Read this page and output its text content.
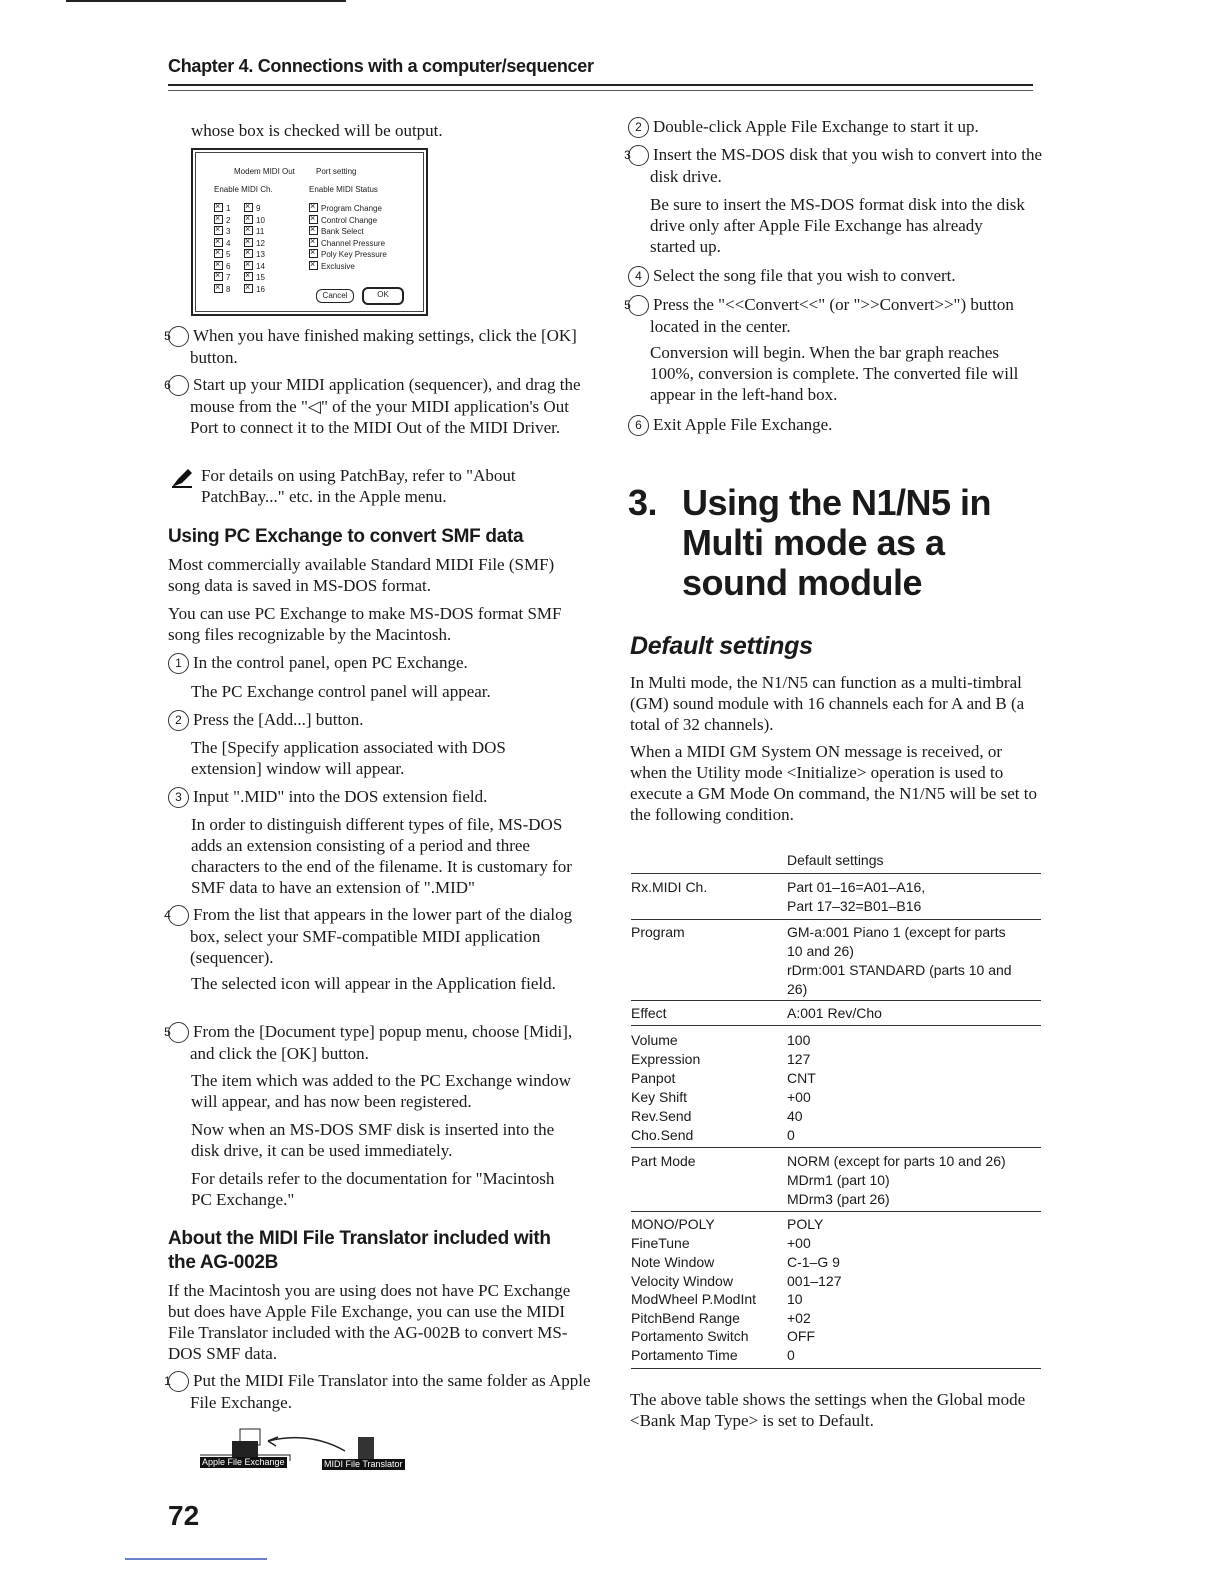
Chapter 4. Connections with a computer/sequencer
whose box is checked will be output.
Modem MIDI Out	Port setting
Enable MIDI Ch.	Enable MIDI Status
×1
×2
×3
×4
×5
×6
×7
×8
×9
×10
×11
×12
×13
×14
×15
×16
×Program Change
×Control Change
×Bank Select
×Channel Pressure
×Poly Key Pressure
×Exclusive
Cancel	OK
5 When you have finished making settings, click the [OK] button.
6 Start up your MIDI application (sequencer), and drag the mouse from the "◁" of the your MIDI application's Out Port to connect it to the MIDI Out of the MIDI Driver.
For details on using PatchBay, refer to "About PatchBay..." etc. in the Apple menu.
Using PC Exchange to convert SMF data
Most commercially available Standard MIDI File (SMF) song data is saved in MS-DOS format.
You can use PC Exchange to make MS-DOS format SMF song files recognizable by the Macintosh.
1 In the control panel, open PC Exchange.
The PC Exchange control panel will appear.
2 Press the [Add...] button.
The [Specify application associated with DOS extension] window will appear.
3 Input ".MID" into the DOS extension field.
In order to distinguish different types of file, MS-DOS adds an extension consisting of a period and three characters to the end of the filename. It is customary for SMF data to have an extension of ".MID"
4 From the list that appears in the lower part of the dialog box, select your SMF-compatible MIDI application (sequencer).
The selected icon will appear in the Application field.
5 From the [Document type] popup menu, choose [Midi], and click the [OK] button.
The item which was added to the PC Exchange window will appear, and has now been registered.
Now when an MS-DOS SMF disk is inserted into the disk drive, it can be used immediately.
For details refer to the documentation for "Macintosh PC Exchange."
About the MIDI File Translator included with the AG-002B
If the Macintosh you are using does not have PC Exchange but does have Apple File Exchange, you can use the MIDI File Translator included with the AG-002B to convert MS-DOS SMF data.
1 Put the MIDI File Translator into the same folder as Apple File Exchange.
Apple File Exchange	MIDI File Translator
2 Double-click Apple File Exchange to start it up.
3 Insert the MS-DOS disk that you wish to convert into the disk drive.
Be sure to insert the MS-DOS format disk into the disk drive only after Apple File Exchange has already started up.
4 Select the song file that you wish to convert.
5 Press the "<<Convert<<" (or ">>Convert>>") button located in the center.
Conversion will begin. When the bar graph reaches 100%, conversion is complete. The converted file will appear in the left-hand box.
6 Exit Apple File Exchange.
3. Using the N1/N5 in Multi mode as a sound module
Default settings
In Multi mode, the N1/N5 can function as a multi-timbral (GM) sound module with 16 channels each for A and B (a total of 32 channels).
When a MIDI GM System ON message is received, or when the Utility mode <Initialize> operation is used to execute a GM Mode On command, the N1/N5 will be set to the following condition.
Default settings
Rx.MIDI Ch.	Part 01–16=A01–A16,
Part 17–32=B01–B16
Program	GM-a:001 Piano 1 (except for parts
10 and 26)
rDrm:001 STANDARD (parts 10 and
26)
Effect	A:001 Rev/Cho
Volume	100
Expression	127
Panpot	CNT
Key Shift	+00
Rev.Send	40
Cho.Send	0
Part Mode	NORM (except for parts 10 and 26)
MDrm1 (part 10)
MDrm3 (part 26)
MONO/POLY	POLY
FineTune	+00
Note Window	C-1–G 9
Velocity Window	001–127
ModWheel P.ModInt 10
PitchBend Range	+02
Portamento Switch	OFF
Portamento Time	0
The above table shows the settings when the Global mode <Bank Map Type> is set to Default.
72
